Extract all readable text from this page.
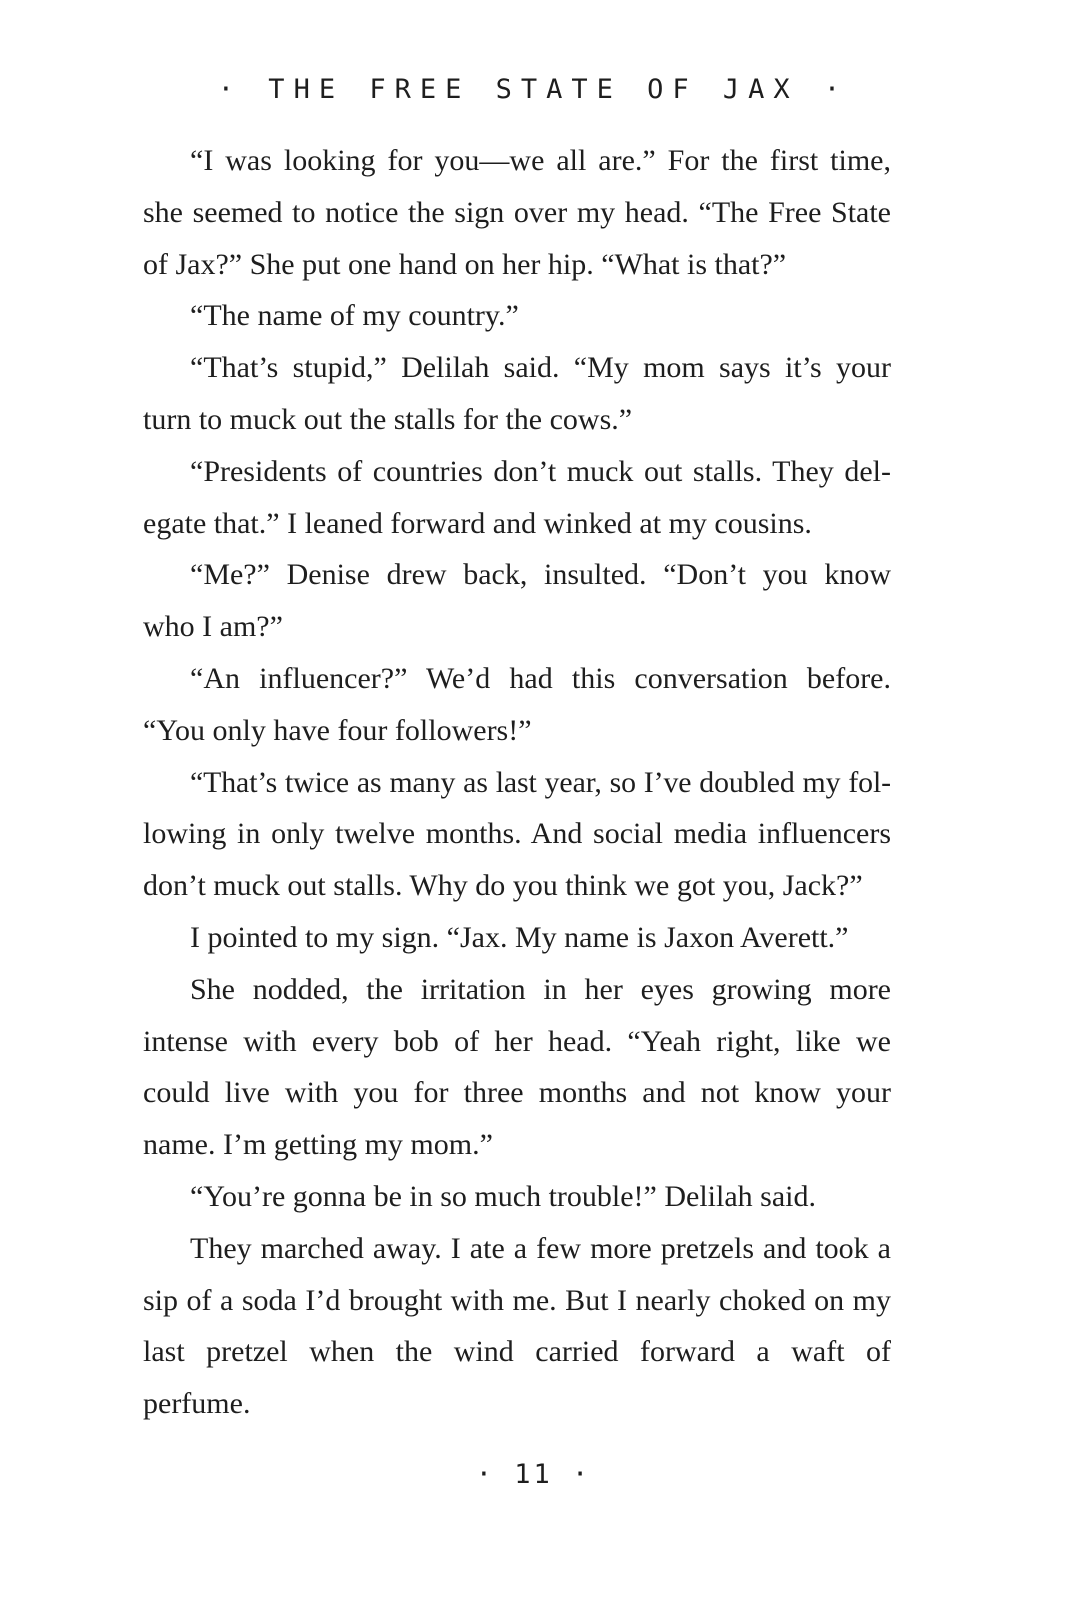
· THE FREE STATE OF JAX ·
“I was looking for you—we all are.” For the first time,
she seemed to notice the sign over my head. “The Free State
of Jax?” She put one hand on her hip. “What is that?”
“The name of my country.”
“That’s stupid,” Delilah said. “My mom says it’s your
turn to muck out the stalls for the cows.”
“Presidents of countries don’t muck out stalls. They del-
egate that.” I leaned forward and winked at my cousins.
“Me?” Denise drew back, insulted. “Don’t you know
who I am?”
“An influencer?” We’d had this conversation before.
“You only have four followers!”
“That’s twice as many as last year, so I’ve doubled my fol-
lowing in only twelve months. And social media influencers
don’t muck out stalls. Why do you think we got you, Jack?”
I pointed to my sign. “Jax. My name is Jaxon Averett.”
She nodded, the irritation in her eyes growing more
intense with every bob of her head. “Yeah right, like we
could live with you for three months and not know your
name. I’m getting my mom.”
“You’re gonna be in so much trouble!” Delilah said.
They marched away. I ate a few more pretzels and took a
sip of a soda I’d brought with me. But I nearly choked on my
last pretzel when the wind carried forward a waft of
perfume.
· 11 ·
